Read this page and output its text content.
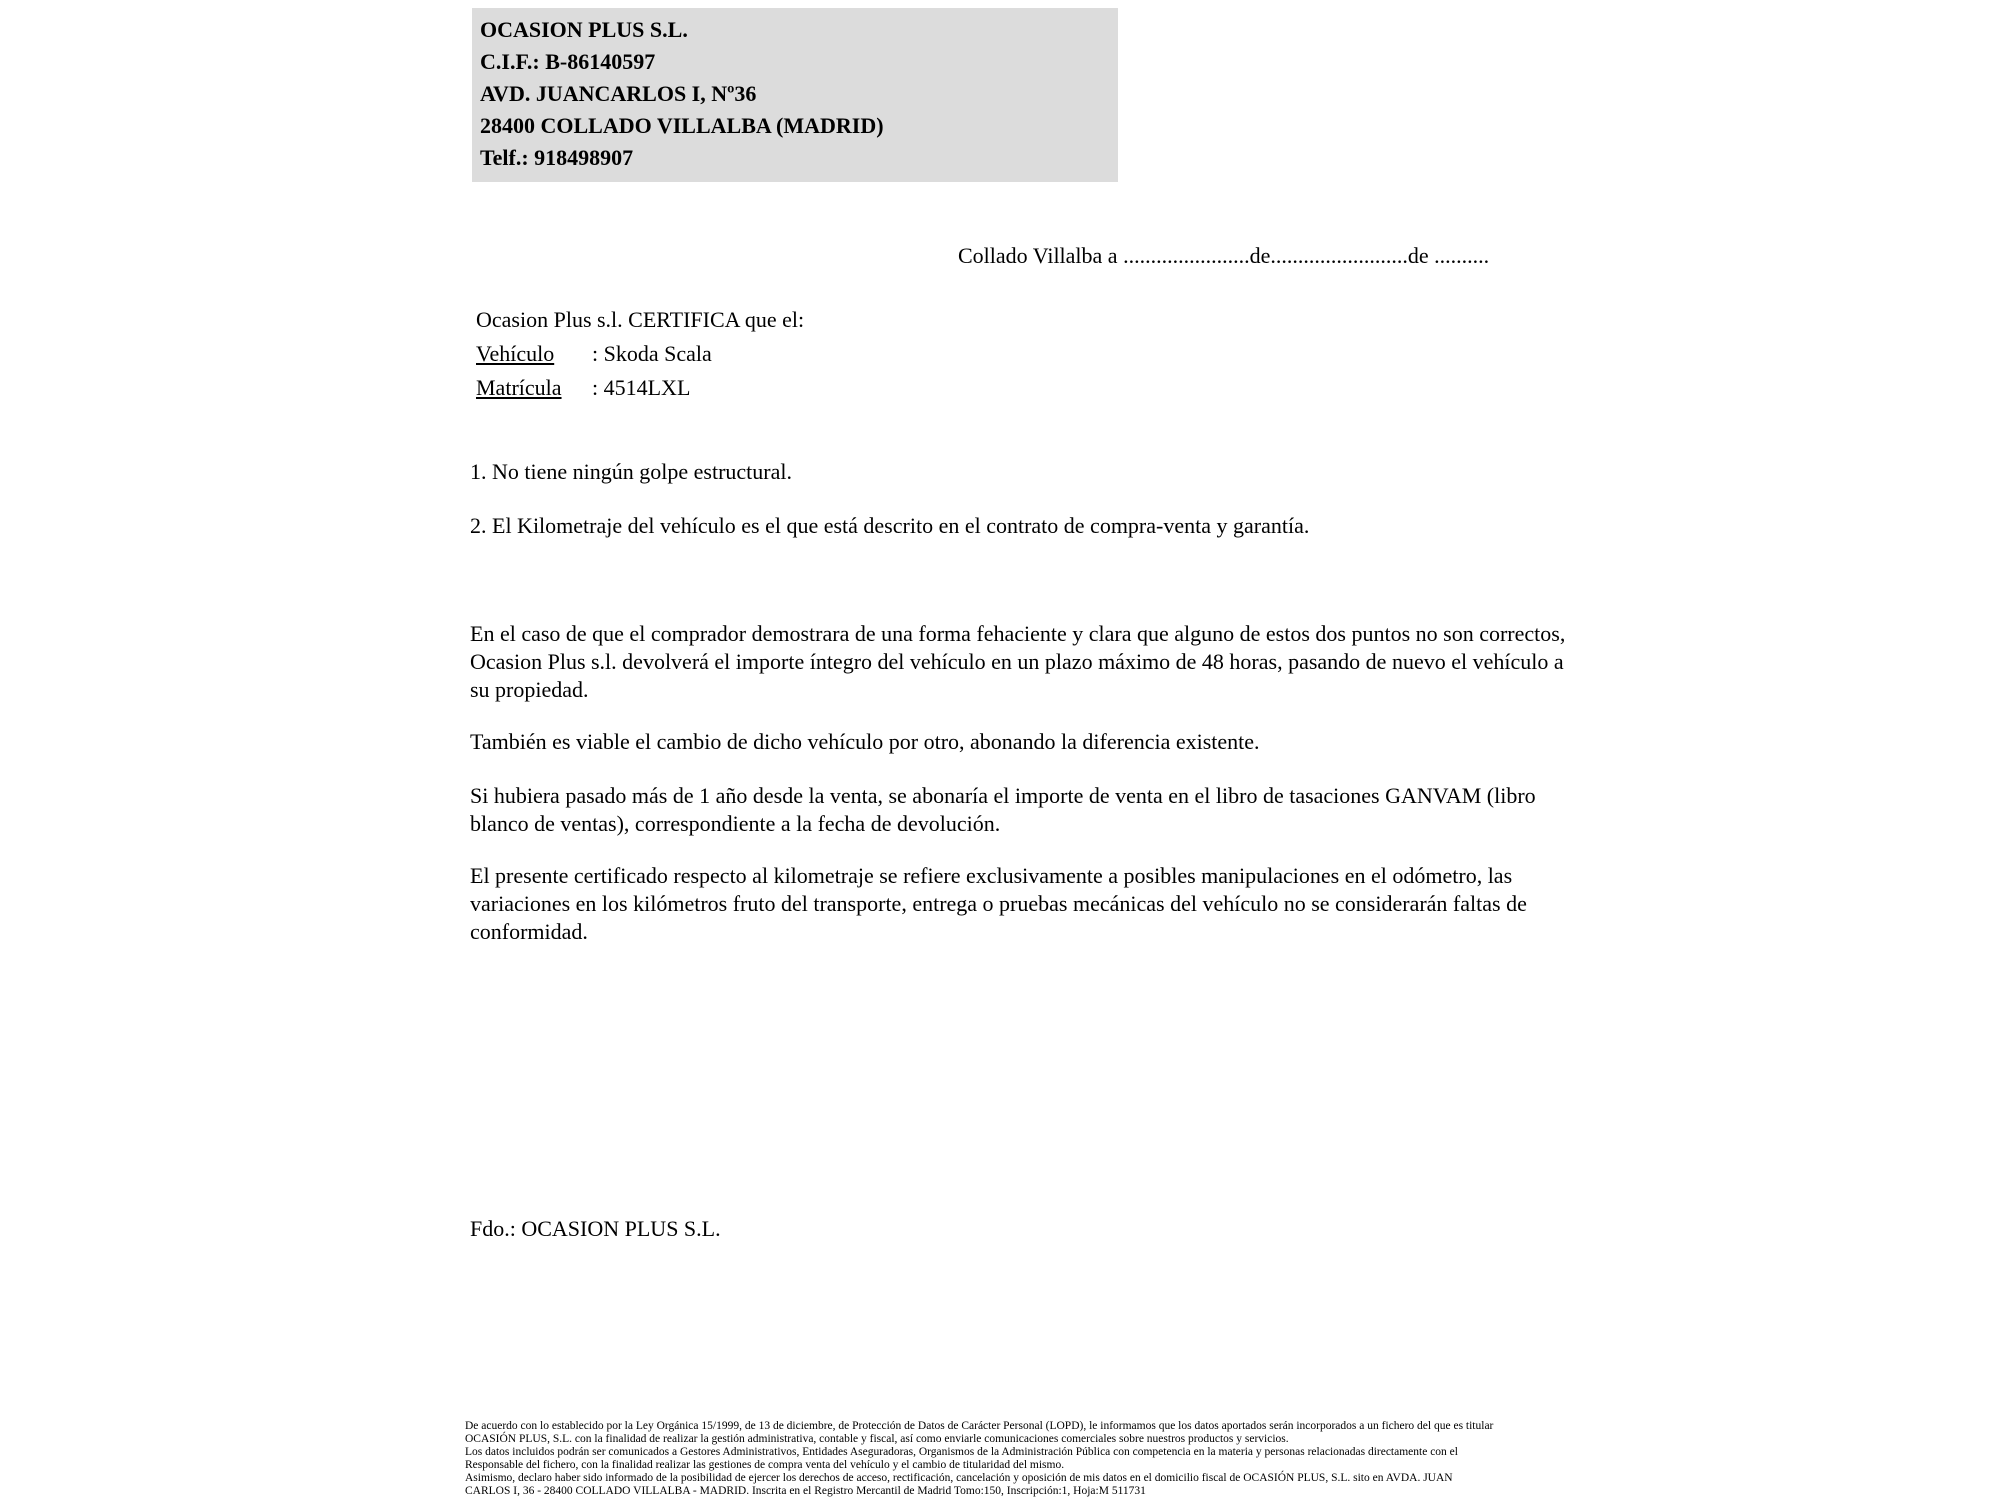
OCASION PLUS S.L.
C.I.F.: B-86140597
AVD. JUANCARLOS I, Nº36
28400 COLLADO VILLALBA (MADRID)
Telf.: 918498907
Collado Villalba a .......................de.........................de ..........
Ocasion Plus s.l. CERTIFICA que el:
Vehículo	: Skoda Scala
Matrícula	: 4514LXL
1. No tiene ningún golpe estructural.
2. El Kilometraje del vehículo es el que está descrito en el contrato de compra-venta y garantía.
En el caso de que el comprador demostrara de una forma fehaciente y clara que alguno de estos dos puntos no son correctos, Ocasion Plus s.l. devolverá el importe íntegro del vehículo en un plazo máximo de 48 horas, pasando de nuevo el vehículo a su propiedad.
También es viable el cambio de dicho vehículo por otro, abonando la diferencia existente.
Si hubiera pasado más de 1 año desde la venta, se abonaría el importe de venta en el libro de tasaciones GANVAM (libro blanco de ventas), correspondiente a la fecha de devolución.
El presente certificado respecto al kilometraje se refiere exclusivamente a posibles manipulaciones en el odómetro, las variaciones en los kilómetros fruto del transporte, entrega o pruebas mecánicas del vehículo no se considerarán faltas de conformidad.
Fdo.: OCASION PLUS S.L.
De acuerdo con lo establecido por la Ley Orgánica 15/1999, de 13 de diciembre, de Protección de Datos de Carácter Personal (LOPD), le informamos que los datos aportados serán incorporados a un fichero del que es titular
OCASIÓN PLUS, S.L. con la finalidad de realizar la gestión administrativa, contable y fiscal, así como enviarle comunicaciones comerciales sobre nuestros productos y servicios.
Los datos incluidos podrán ser comunicados a Gestores Administrativos, Entidades Aseguradoras, Organismos de la Administración Pública con competencia en la materia y personas relacionadas directamente con el
Responsable del fichero, con la finalidad realizar las gestiones de compra venta del vehículo y el cambio de titularidad del mismo.
Asimismo, declaro haber sido informado de la posibilidad de ejercer los derechos de acceso, rectificación, cancelación y oposición de mis datos en el domicilio fiscal de OCASIÓN PLUS, S.L. sito en AVDA. JUAN
CARLOS I, 36 - 28400 COLLADO VILLALBA - MADRID. Inscrita en el Registro Mercantil de Madrid Tomo:150, Inscripción:1, Hoja:M 511731
